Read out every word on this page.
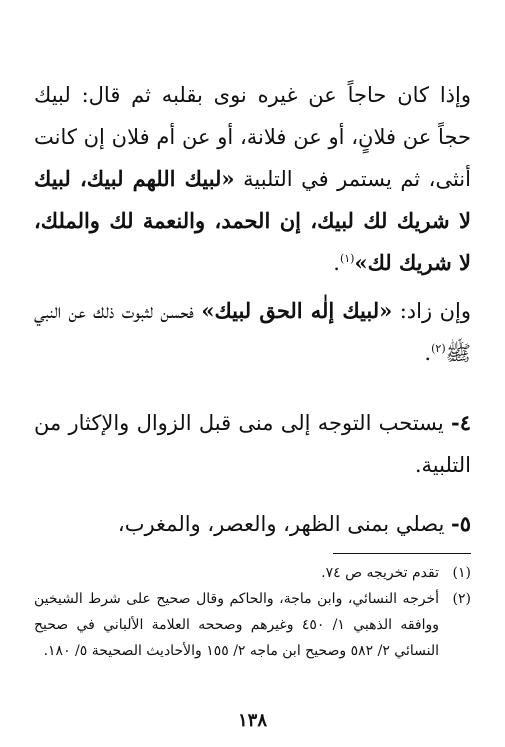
وإذا كان حاجاً عن غيره نوى بقلبه ثم قال: لبيك حجاً عن فلانٍ، أو عن فلانة، أو عن أم فلان إن كانت أنثى، ثم يستمر في التلبية «لبيك اللهم لبيك، لبيك لا شريك لك لبيك، إن الحمد، والنعمة لك والملك، لا شريك لك»$^{(١)}$.

وإن زاد: «لبيك إلٰه الحق لبيك» فحسن لثبوت ذلك عن النبي ﷺ$^{(٢)}$.

٤- يستحب التوجه إلى منى قبل الزوال والإكثار من التلبية.

٥- يصلي بمنى الظهر، والعصر، والمغرب،

(١)
تقدم تخريجه ص ٧٤.
(٢)
أخرجه النسائي، وابن ماجة، والحاكم وقال صحيح على شرط الشيخين ووافقه الذهبي ١/ ٤٥٠ وغيرهم وصححه العلامة الألباني في صحيح النسائي ٢/ ٥٨٢ وصحيح ابن ماجه ٢/ ١٥٥ والأحاديث الصحيحة ٥/ ١٨٠.
١٣٨
